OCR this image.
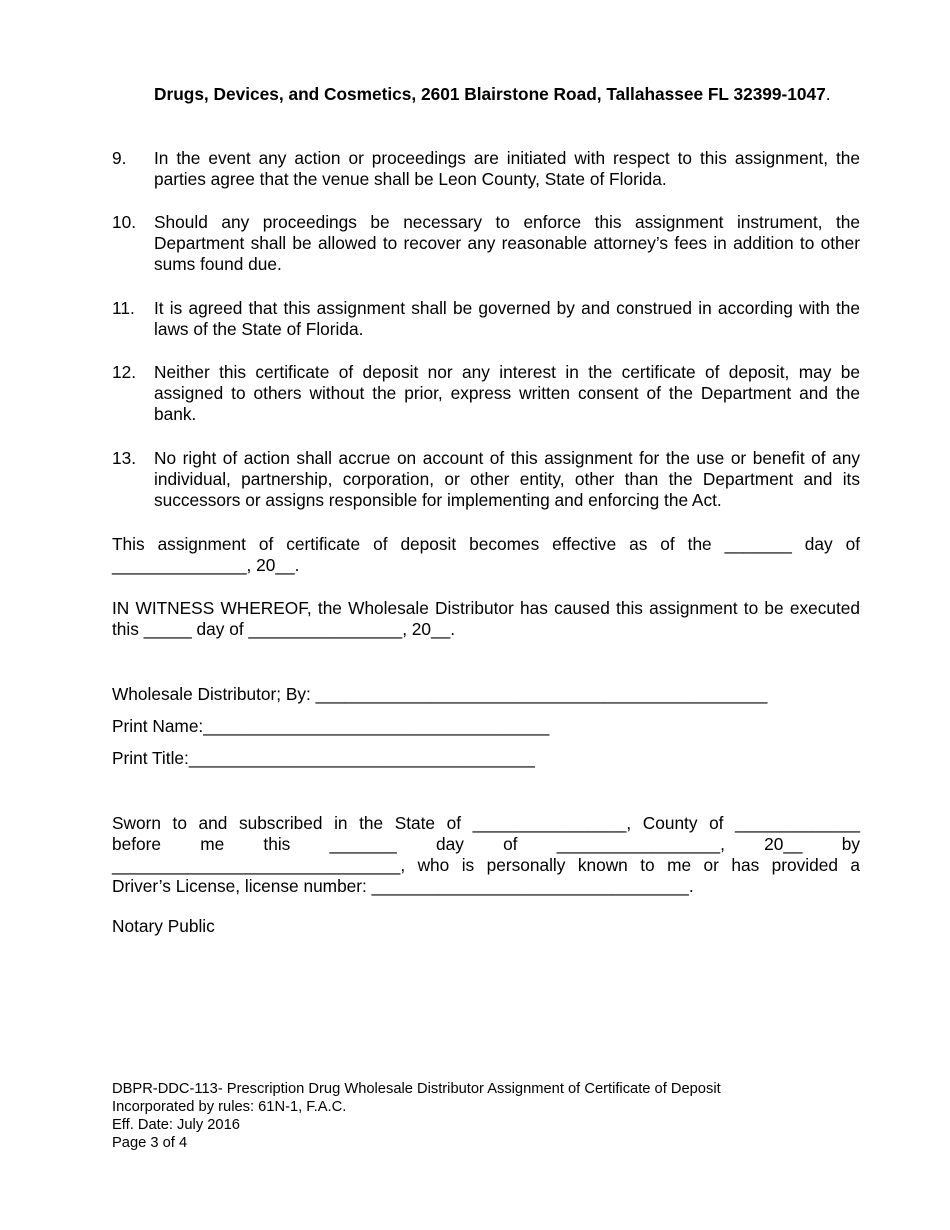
Drugs, Devices, and Cosmetics, 2601 Blairstone Road, Tallahassee FL 32399-1047.
9. In the event any action or proceedings are initiated with respect to this assignment, the parties agree that the venue shall be Leon County, State of Florida.
10. Should any proceedings be necessary to enforce this assignment instrument, the Department shall be allowed to recover any reasonable attorney’s fees in addition to other sums found due.
11. It is agreed that this assignment shall be governed by and construed in according with the laws of the State of Florida.
12. Neither this certificate of deposit nor any interest in the certificate of deposit, may be assigned to others without the prior, express written consent of the Department and the bank.
13. No right of action shall accrue on account of this assignment for the use or benefit of any individual, partnership, corporation, or other entity, other than the Department and its successors or assigns responsible for implementing and enforcing the Act.
This assignment of certificate of deposit becomes effective as of the _______ day of ______________, 20__.
IN WITNESS WHEREOF, the Wholesale Distributor has caused this assignment to be executed this _____ day of ________________, 20__.
Wholesale Distributor; By: _______________________________________________
Print Name:____________________________________
Print Title:____________________________________
Sworn to and subscribed in the State of ________________, County of _____________
before me this _______ day of _________________, 20__ by
______________________________, who is personally known to me or has provided a
Driver’s License, license number: _________________________________.
Notary Public
DBPR-DDC-113- Prescription Drug Wholesale Distributor Assignment of Certificate of Deposit
Incorporated by rules: 61N-1, F.A.C.
Eff. Date: July 2016
Page 3 of 4
